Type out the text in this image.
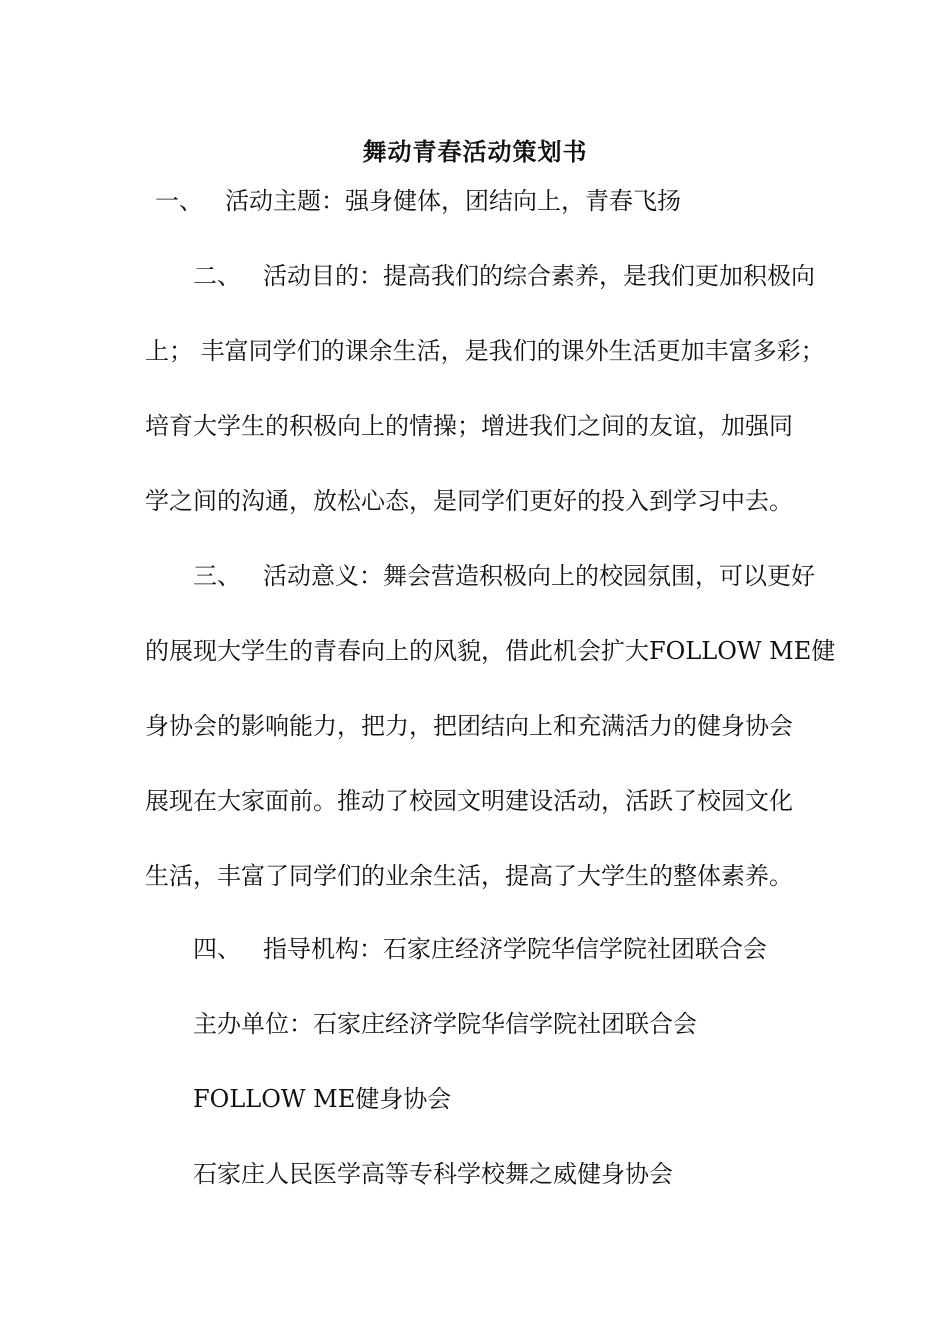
舞动青春活动策划书
一、 活动主题：强身健体，团结向上，青春飞扬
二、 活动目的：提高我们的综合素养，是我们更加积极向
上； 丰富同学们的课余生活，是我们的课外生活更加丰富多彩；
培育大学生的积极向上的情操；增进我们之间的友谊，加强同
学之间的沟通，放松心态，是同学们更好的投入到学习中去。
三、 活动意义：舞会营造积极向上的校园氛围，可以更好
的展现大学生的青春向上的风貌，借此机会扩大FOLLOW ME健
身协会的影响能力，把力，把团结向上和充满活力的健身协会
展现在大家面前。推动了校园文明建设活动，活跃了校园文化
生活，丰富了同学们的业余生活，提高了大学生的整体素养。
四、 指导机构：石家庄经济学院华信学院社团联合会
主办单位：石家庄经济学院华信学院社团联合会
FOLLOW ME健身协会
石家庄人民医学高等专科学校舞之威健身协会
